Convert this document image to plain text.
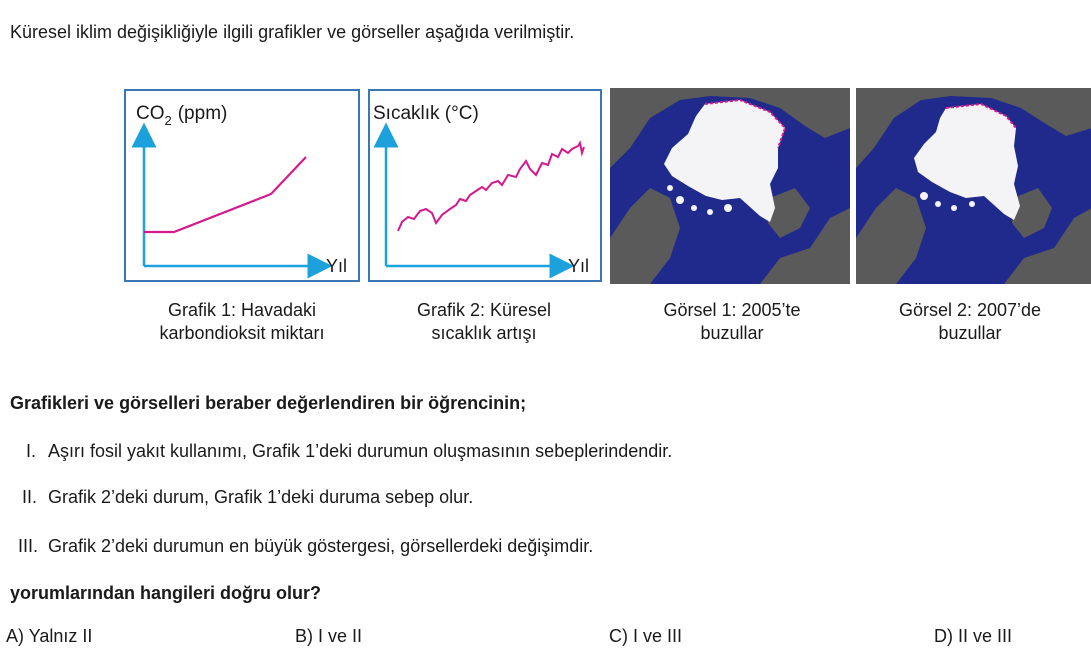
Küresel iklim değişikliğiyle ilgili grafikler ve görseller aşağıda verilmiştir.
$CO_2$ (ppm)
Yıl
Sıcaklık (°C)
Yıl
Grafik 1: Havadaki
karbondioksit miktarı
Grafik 2: Küresel
sıcaklık artışı
Görsel 1: 2005’te
buzullar
Görsel 2: 2007’de
buzullar
Grafikleri ve görselleri beraber değerlendiren bir öğrencinin;
I. Aşırı fosil yakıt kullanımı, Grafik 1’deki durumun oluşmasının sebeplerindendir.
II. Grafik 2’deki durum, Grafik 1’deki duruma sebep olur.
III. Grafik 2’deki durumun en büyük göstergesi, görsellerdeki değişimdir.
yorumlarından hangileri doğru olur?
A) Yalnız II	B) I ve II	C) I ve III	D) II ve III
